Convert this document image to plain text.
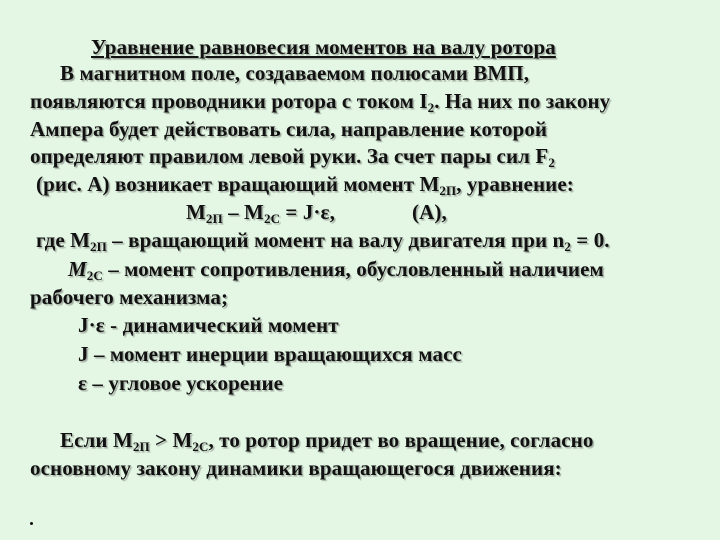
Уравнение равновесия моментов на валу ротора
В магнитном поле, создаваемом полюсами ВМП,
появляются проводники ротора с током $I_2$. На них по закону
Ампера будет действовать сила, направление которой
определяют правилом левой руки. За счет пары сил $F_2$
(рис. А) возникает вращающий момент $М_{2П}$, уравнение:
$М_{2П} - М_{2С} = J\cdot\varepsilon$,	(А),
где $М_{2П}$ – вращающий момент на валу двигателя при $n_2 = 0$.
$М_{2С}$ – момент сопротивления, обусловленный наличием
рабочего механизма;
J·ε - динамический момент
J – момент инерции вращающихся масс
ε – угловое ускорение
Если $М_{2П} > М_{2С}$, то ротор придет во вращение, согласно
основному закону динамики вращающегося движения:
